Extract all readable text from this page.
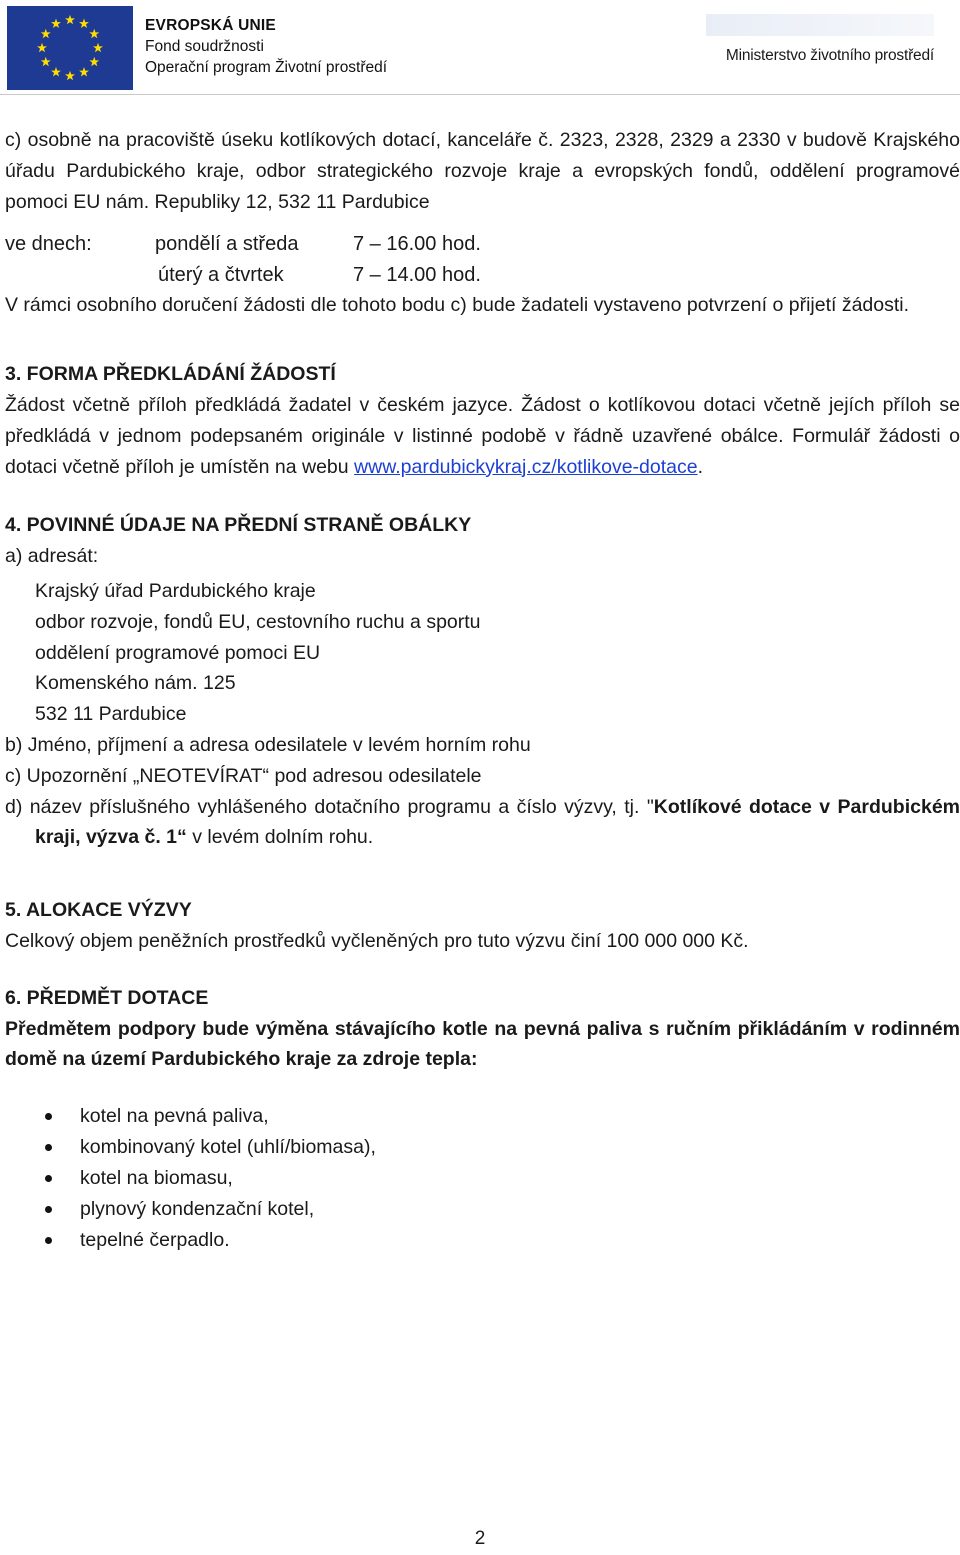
EVROPSKÁ UNIE
Fond soudržnosti
Operační program Životní prostředí
Ministerstvo životního prostředí

c) osobně na pracoviště úseku kotlíkových dotací, kanceláře č. 2323, 2328, 2329 a 2330 v budově Krajského úřadu Pardubického kraje, odbor strategického rozvoje kraje a evropských fondů, oddělení programové pomoci EU nám. Republiky 12, 532 11 Pardubice

ve dnech:	pondělí a středa	7 – 16.00 hod.
úterý a čtvrtek	7 – 14.00 hod.

V rámci osobního doručení žádosti dle tohoto bodu c) bude žadateli vystaveno potvrzení o přijetí žádosti.

3. FORMA PŘEDKLÁDÁNÍ ŽÁDOSTÍ

Žádost včetně příloh předkládá žadatel v českém jazyce. Žádost o kotlíkovou dotaci včetně jejích příloh se předkládá v jednom podepsaném originále v listinné podobě v řádně uzavřené obálce. Formulář žádosti o dotaci včetně příloh je umístěn na webu www.pardubickykraj.cz/kotlikove-dotace.

4. POVINNÉ ÚDAJE NA PŘEDNÍ STRANĚ OBÁLKY

a) adresát:

Krajský úřad Pardubického kraje
odbor rozvoje, fondů EU, cestovního ruchu a sportu
oddělení programové pomoci EU
Komenského nám. 125
532 11 Pardubice

b) Jméno, příjmení a adresa odesilatele v levém horním rohu

c) Upozornění „NEOTEVÍRAT“ pod adresou odesilatele

d) název příslušného vyhlášeného dotačního programu a číslo výzvy, tj. "Kotlíkové dotace v Pardubickém kraji, výzva č. 1“ v levém dolním rohu.

5. ALOKACE VÝZVY

Celkový objem peněžních prostředků vyčleněných pro tuto výzvu činí 100 000 000 Kč.

6. PŘEDMĚT DOTACE

Předmětem podpory bude výměna stávajícího kotle na pevná paliva s ručním přikládáním v rodinném domě na území Pardubického kraje za zdroje tepla:

kotel na pevná paliva,
kombinovaný kotel (uhlí/biomasa),
kotel na biomasu,
plynový kondenzační kotel,
tepelné čerpadlo.
2
